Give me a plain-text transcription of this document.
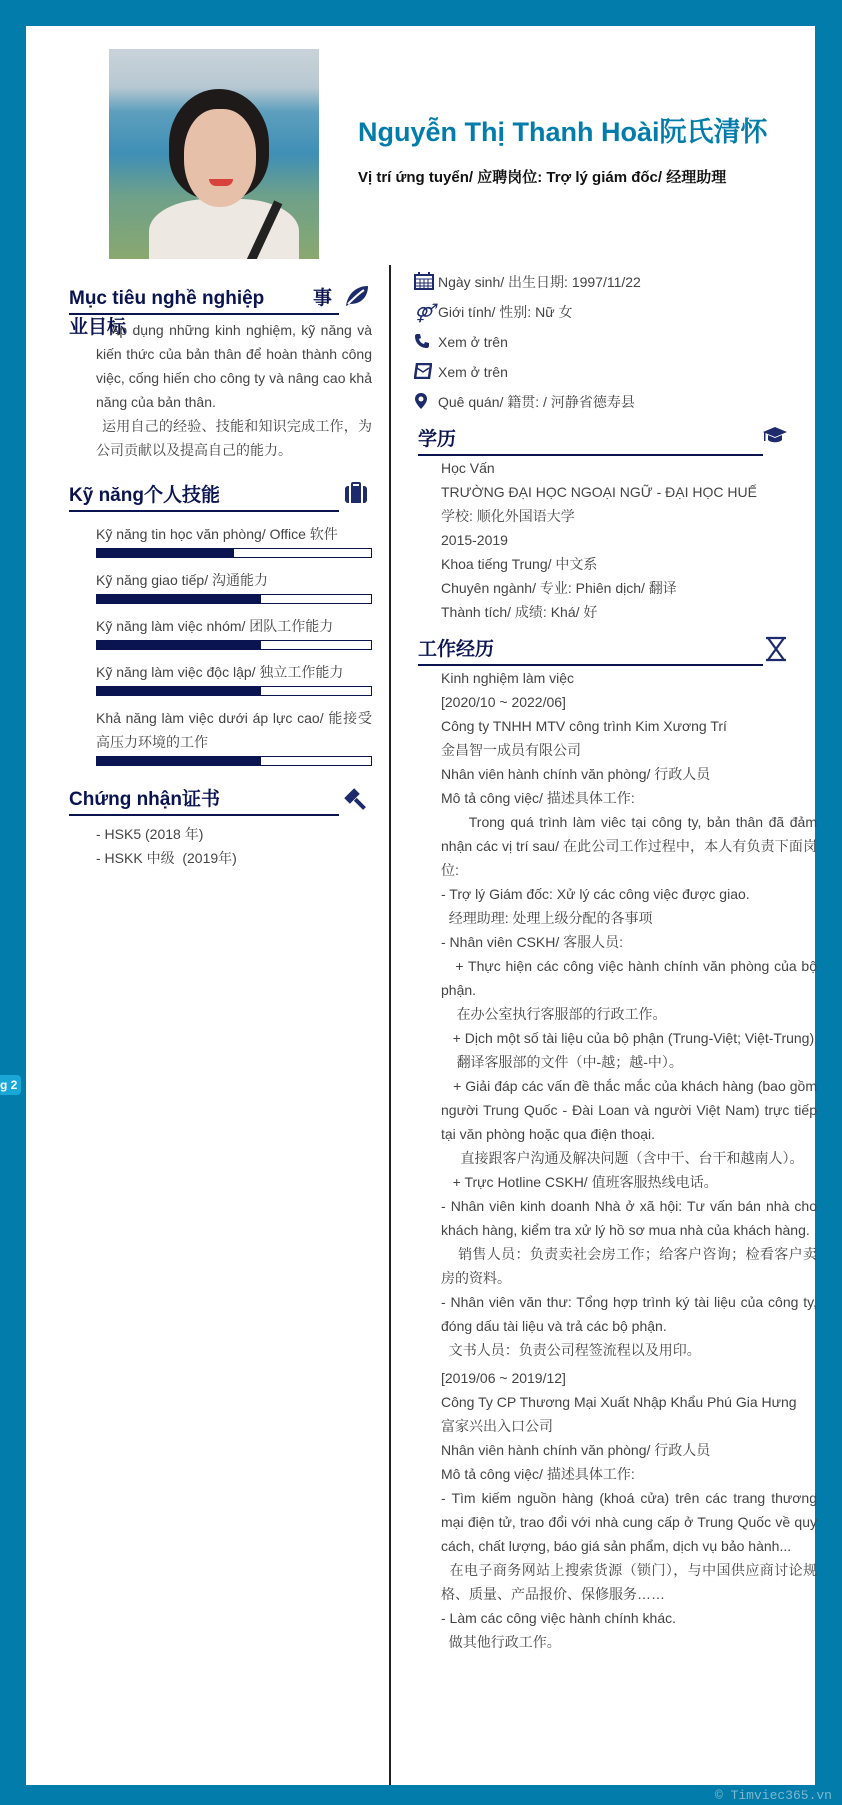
Nguyễn Thị Thanh Hoài阮氏清怀
Vị trí ứng tuyển/ 应聘岗位: Trợ lý giám đốc/ 经理助理
Mục tiêu nghề nghiệp	事
业目标
Áp dụng những kinh nghiệm, kỹ năng và kiến thức của bản thân để hoàn thành công việc, cống hiến cho công ty và nâng cao khả năng của bản thân.
运用自己的经验、技能和知识完成工作，为公司贡献以及提高自己的能力。
Kỹ năng个人技能
Kỹ năng tin học văn phòng/ Office 软件
Kỹ năng giao tiếp/ 沟通能力
Kỹ năng làm việc nhóm/ 团队工作能力
Kỹ năng làm việc độc lập/ 独立工作能力
Khả năng làm việc dưới áp lực cao/ 能接受高压力环境的工作
Chứng nhận证书
- HSK5 (2018 年)
- HSKK 中级  (2019年)
Ngày sinh/ 出生日期: 1997/11/22
⚤ Giới tính/ 性别: Nữ 女
Xem ở trên
Xem ở trên
Quê quán/ 籍贯: / 河静省德寿县
学历
Học Vấn
TRƯỜNG ĐẠI HỌC NGOẠI NGỮ - ĐẠI HỌC HUẾ
学校: 顺化外国语大学
2015-2019
Khoa tiếng Trung/ 中文系
Chuyên ngành/ 专业: Phiên dịch/ 翻译
Thành tích/ 成绩: Khá/ 好
工作经历
Kinh nghiệm làm việc
[2020/10 ~ 2022/06]
Công ty TNHH MTV công trình Kim Xương Trí
金昌智一成员有限公司
Nhân viên hành chính văn phòng/ 行政人员
Mô tả công việc/ 描述具体工作:
Trong quá trình làm viêc tại công ty, bản thân đã đảm nhận các vị trí sau/ 在此公司工作过程中，本人有负责下面岗位:
- Trợ lý Giám đốc: Xử lý các công việc được giao.
经理助理: 处理上级分配的各事项
- Nhân viên CSKH/ 客服人员:
+ Thực hiện các công việc hành chính văn phòng của bộ phận.
在办公室执行客服部的行政工作。
+ Dịch một số tài liệu của bộ phận (Trung-Việt; Việt-Trung)
翻译客服部的文件（中-越；越-中）。
+ Giải đáp các vấn đề thắc mắc của khách hàng (bao gồm người Trung Quốc - Đài Loan và người Việt Nam) trực tiếp tại văn phòng hoặc qua điện thoại.
直接跟客户沟通及解决问题（含中干、台干和越南人）。
+ Trực Hotline CSKH/ 值班客服热线电话。
- Nhân viên kinh doanh Nhà ở xã hội: Tư vấn bán nhà cho khách hàng, kiểm tra xử lý hồ sơ mua nhà của khách hàng.
销售人员：负责卖社会房工作；给客户咨询；检看客户卖房的资料。
- Nhân viên văn thư: Tổng hợp trình ký tài liệu của công ty, đóng dấu tài liệu và trả các bộ phận.
文书人员：负责公司程签流程以及用印。
[2019/06 ~ 2019/12]
Công Ty CP Thương Mại Xuất Nhập Khẩu Phú Gia Hưng
富家兴出入口公司
Nhân viên hành chính văn phòng/ 行政人员
Mô tả công việc/ 描述具体工作:
- Tìm kiếm nguồn hàng (khoá cửa) trên các trang thương mại điện tử, trao đổi với nhà cung cấp ở Trung Quốc về quy cách, chất lượng, báo giá sản phẩm, dịch vụ bảo hành...
在电子商务网站上搜索货源（锁门），与中国供应商讨论规格、质量、产品报价、保修服务……
- Làm các công việc hành chính khác.
做其他行政工作。
g 2
© Timviec365.vn
